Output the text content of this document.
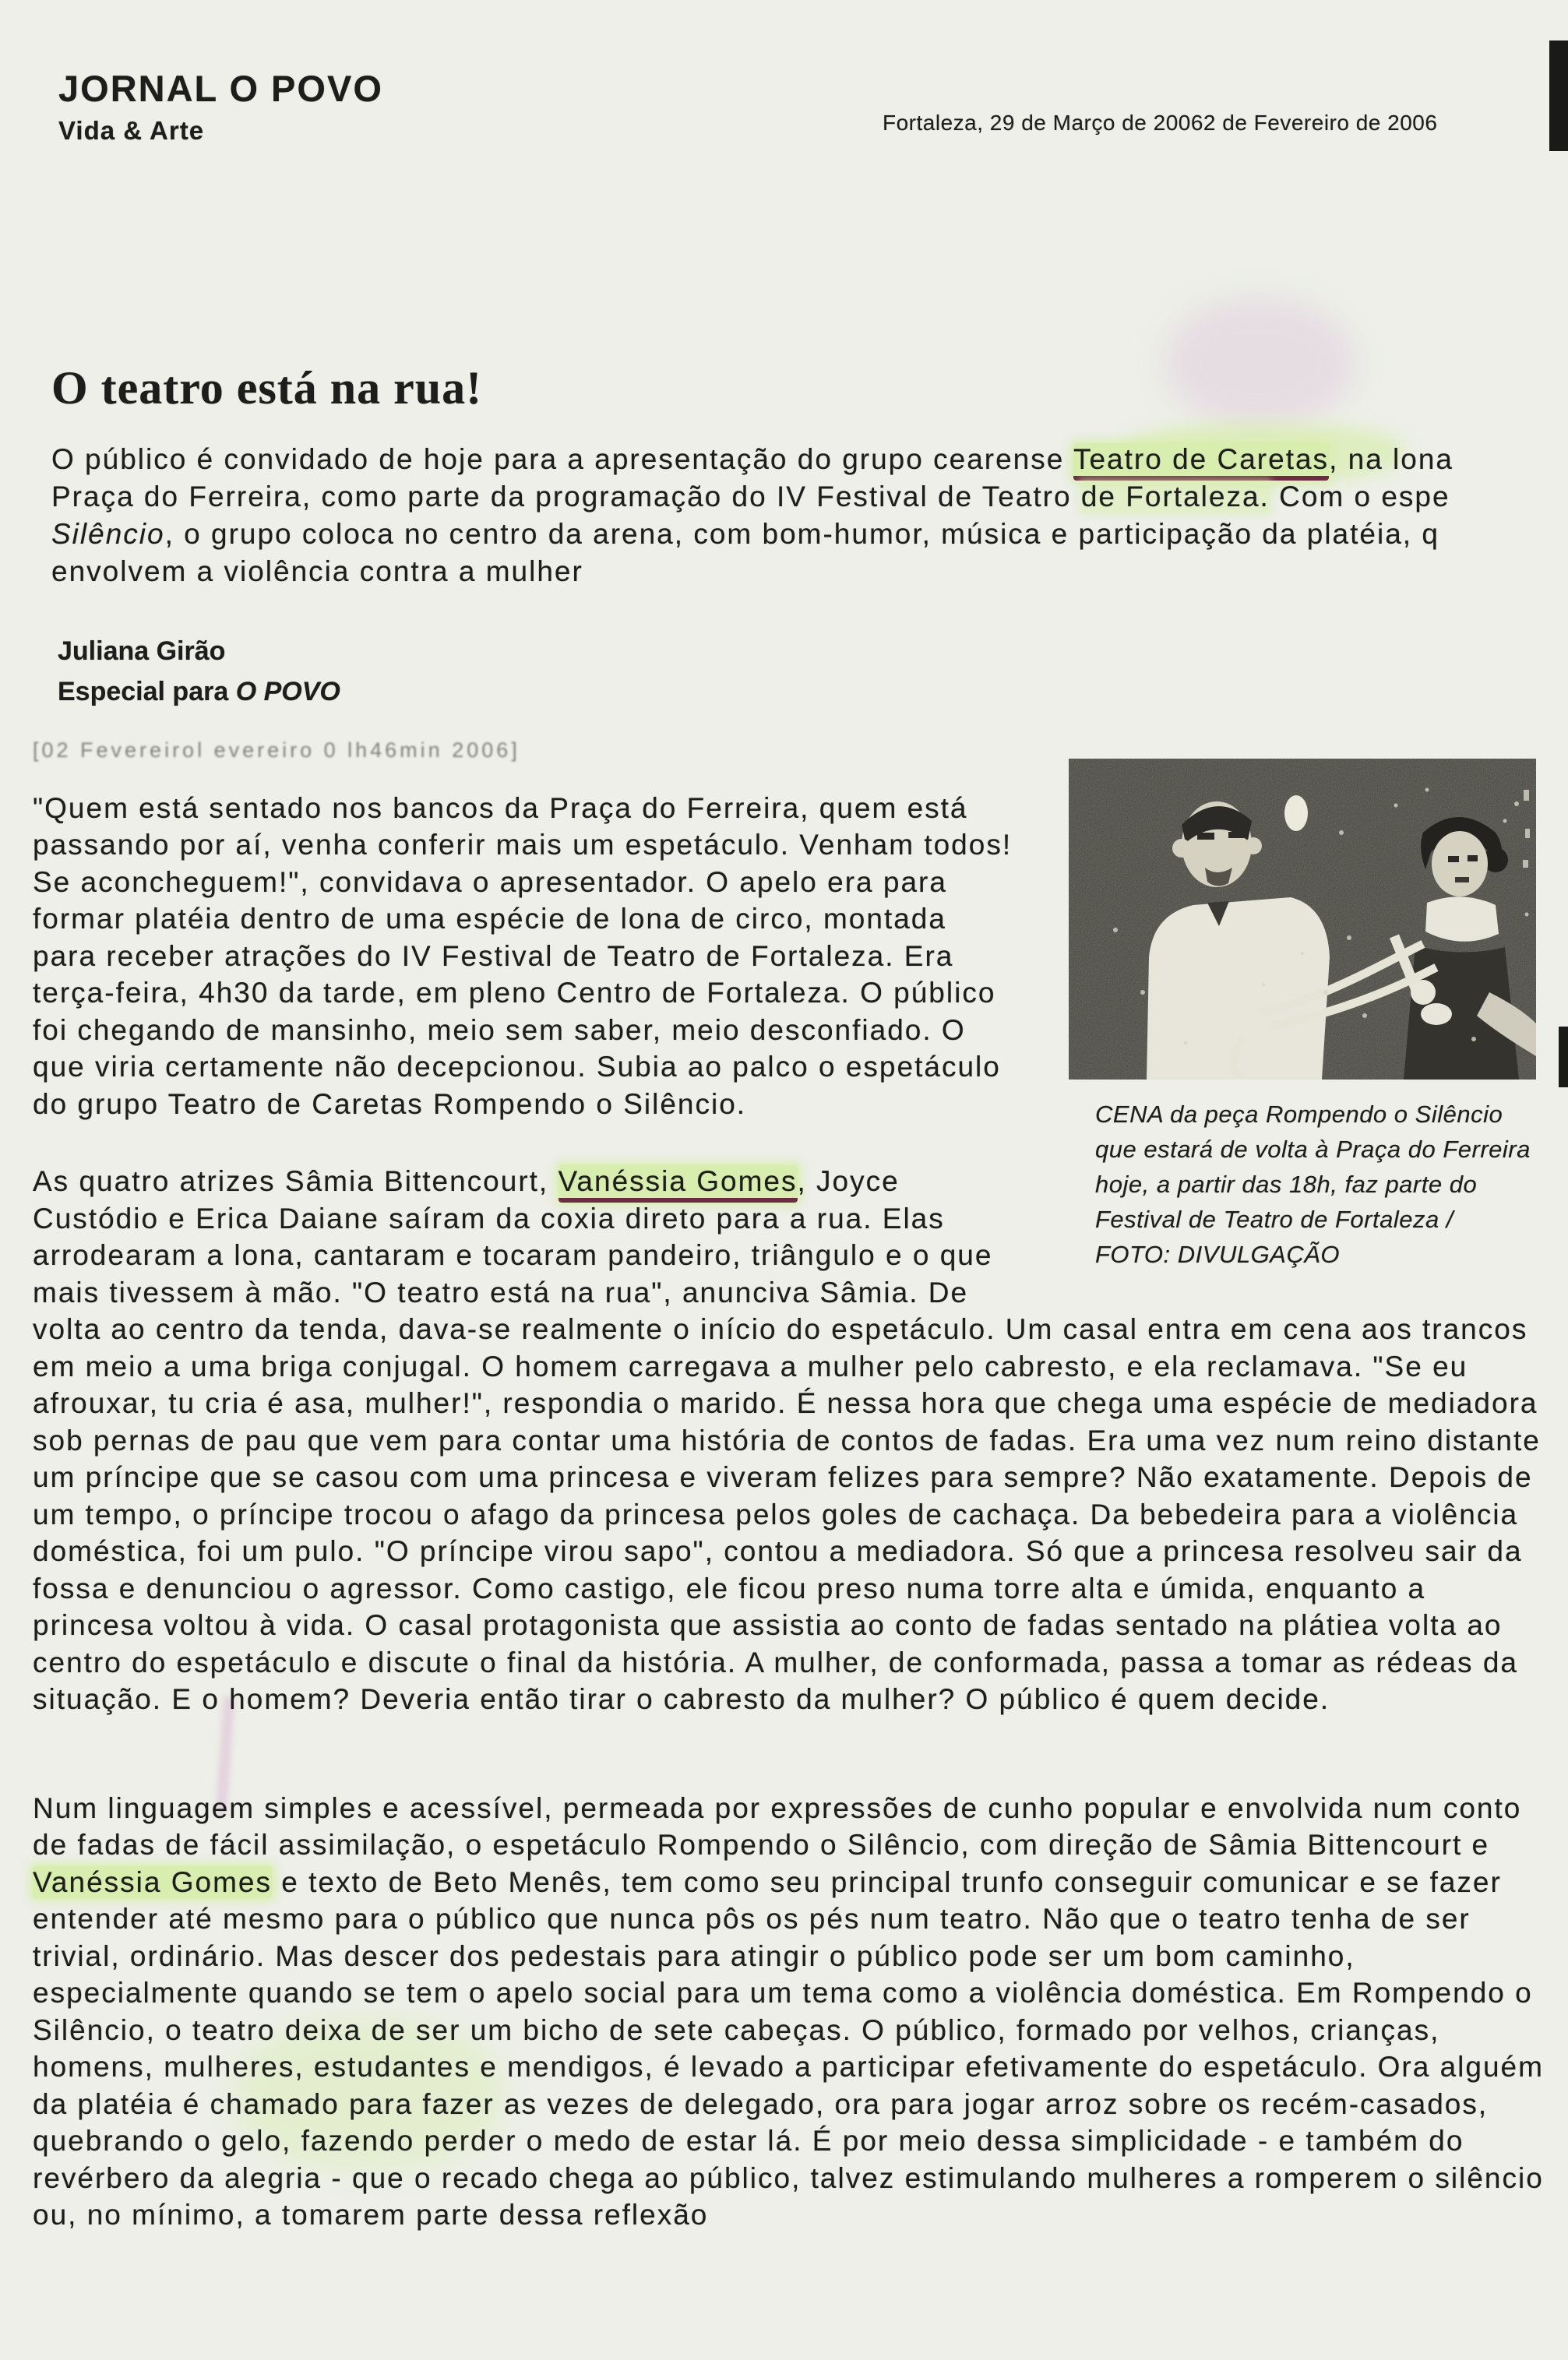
JORNAL O POVO
Vida & Arte	Fortaleza, 29 de Março de 20062 de Fevereiro de 2006
O teatro está na rua!
O público é convidado de hoje para a apresentação do grupo cearense Teatro de Caretas, na lona Praça do Ferreira, como parte da programação do IV Festival de Teatro de Fortaleza. Com o espe Silêncio, o grupo coloca no centro da arena, com bom-humor, música e participação da platéia, q envolvem a violência contra a mulher
Juliana Girão
Especial para O POVO
CENA da peça Rompendo o Silêncio que estará de volta à Praça do Ferreira hoje, a partir das 18h, faz parte do Festival de Teatro de Fortaleza / FOTO: DIVULGAÇÃO
[02 Fevereirol evereiro 0 lh46min 2006]

"Quem está sentado nos bancos da Praça do Ferreira, quem está passando por aí, venha conferir mais um espetáculo. Venham todos! Se aconcheguem!", convidava o apresentador. O apelo era para formar platéia dentro de uma espécie de lona de circo, montada para receber atrações do IV Festival de Teatro de Fortaleza. Era terça-feira, 4h30 da tarde, em pleno Centro de Fortaleza. O público foi chegando de mansinho, meio sem saber, meio desconfiado. O que viria certamente não decepcionou. Subia ao palco o espetáculo do grupo Teatro de Caretas Rompendo o Silêncio.

As quatro atrizes Sâmia Bittencourt, Vanéssia Gomes, Joyce Custódio e Erica Daiane saíram da coxia direto para a rua. Elas arrodearam a lona, cantaram e tocaram pandeiro, triângulo e o que mais tivessem à mão. "O teatro está na rua", anunciva Sâmia. De volta ao centro da tenda, dava-se realmente o início do espetáculo. Um casal entra em cena aos trancos em meio a uma briga conjugal. O homem carregava a mulher pelo cabresto, e ela reclamava. "Se eu afrouxar, tu cria é asa, mulher!", respondia o marido. É nessa hora que chega uma espécie de mediadora sob pernas de pau que vem para contar uma história de contos de fadas. Era uma vez num reino distante um príncipe que se casou com uma princesa e viveram felizes para sempre? Não exatamente. Depois de um tempo, o príncipe trocou o afago da princesa pelos goles de cachaça. Da bebedeira para a violência doméstica, foi um pulo. "O príncipe virou sapo", contou a mediadora. Só que a princesa resolveu sair da fossa e denunciou o agressor. Como castigo, ele ficou preso numa torre alta e úmida, enquanto a princesa voltou à vida. O casal protagonista que assistia ao conto de fadas sentado na plátiea volta ao centro do espetáculo e discute o final da história. A mulher, de conformada, passa a tomar as rédeas da situação. E o homem? Deveria então tirar o cabresto da mulher? O público é quem decide.

Num linguagem simples e acessível, permeada por expressões de cunho popular e envolvida num conto de fadas de fácil assimilação, o espetáculo Rompendo o Silêncio, com direção de Sâmia Bittencourt e Vanéssia Gomes e texto de Beto Menês, tem como seu principal trunfo conseguir comunicar e se fazer entender até mesmo para o público que nunca pôs os pés num teatro. Não que o teatro tenha de ser trivial, ordinário. Mas descer dos pedestais para atingir o público pode ser um bom caminho, especialmente quando se tem o apelo social para um tema como a violência doméstica. Em Rompendo o Silêncio, o teatro deixa de ser um bicho de sete cabeças. O público, formado por velhos, crianças, homens, mulheres, estudantes e mendigos, é levado a participar efetivamente do espetáculo. Ora alguém da platéia é chamado para fazer as vezes de delegado, ora para jogar arroz sobre os recém-casados, quebrando o gelo, fazendo perder o medo de estar lá. É por meio dessa simplicidade - e também do revérbero da alegria - que o recado chega ao público, talvez estimulando mulheres a romperem o silêncio ou, no mínimo, a tomarem parte dessa reflexão
